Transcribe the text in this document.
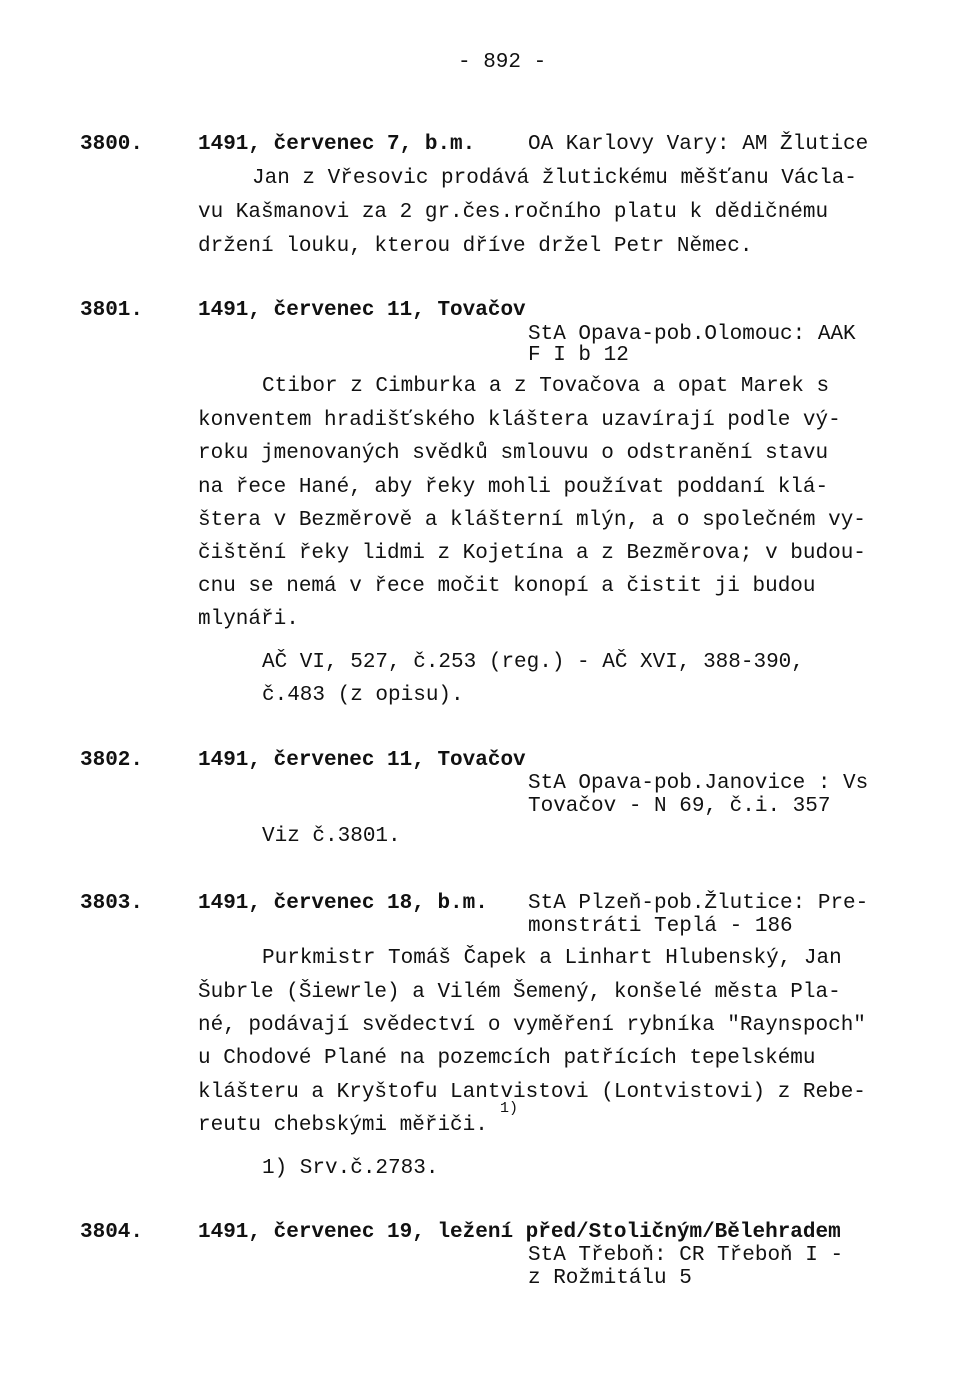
- 892 -
3800.	1491, červenec 7, b.m.	OA Karlovy Vary: AM Žlutice
Jan z Vřesovic prodává žlutickému měšťanu Václa-
vu Kašmanovi za 2 gr.čes.ročního platu k dědičnému
držení louku, kterou dříve držel Petr Němec.
3801.	1491, červenec 11, Tovačov
StA Opava-pob.Olomouc: AAK
F I b 12
Ctibor z Cimburka a z Tovačova a opat Marek s
konventem hradišťského kláštera uzavírají podle vý-
roku jmenovaných svědků smlouvu o odstranění stavu
na řece Hané, aby řeky mohli používat poddaní klá-
štera v Bezměrově a klášterní mlýn, a o společném vy-
čištění řeky lidmi z Kojetína a z Bezměrova; v budou-
cnu se nemá v řece močit konopí a čistit ji budou
mlynáři.
AČ VI, 527, č.253 (reg.) - AČ XVI, 388-390,
č.483 (z opisu).
3802.	1491, červenec 11, Tovačov
StA Opava-pob.Janovice : Vs
Tovačov - N 69, č.i. 357
Viz č.3801.
3803.	1491, červenec 18, b.m. StA Plzeň-pob.Žlutice: Pre-
monstráti Teplá - 186
Purkmistr Tomáš Čapek a Linhart Hlubenský, Jan
Šubrle (Šiewrle) a Vilém Šemený, konšelé města Pla-
né, podávají svědectví o vyměření rybníka "Raynspoch"
u Chodové Plané na pozemcích patřících tepelskému
klášteru a Kryštofu Lantvistovi (Lontvistovi) z Rebe-
reutu chebskými měřiči.
1)
1) Srv.č.2783.
3804.	1491, červenec 19, ležení před/Stoličným/Bělehradem
StA Třeboň: CR Třeboň I -
z Rožmitálu 5
